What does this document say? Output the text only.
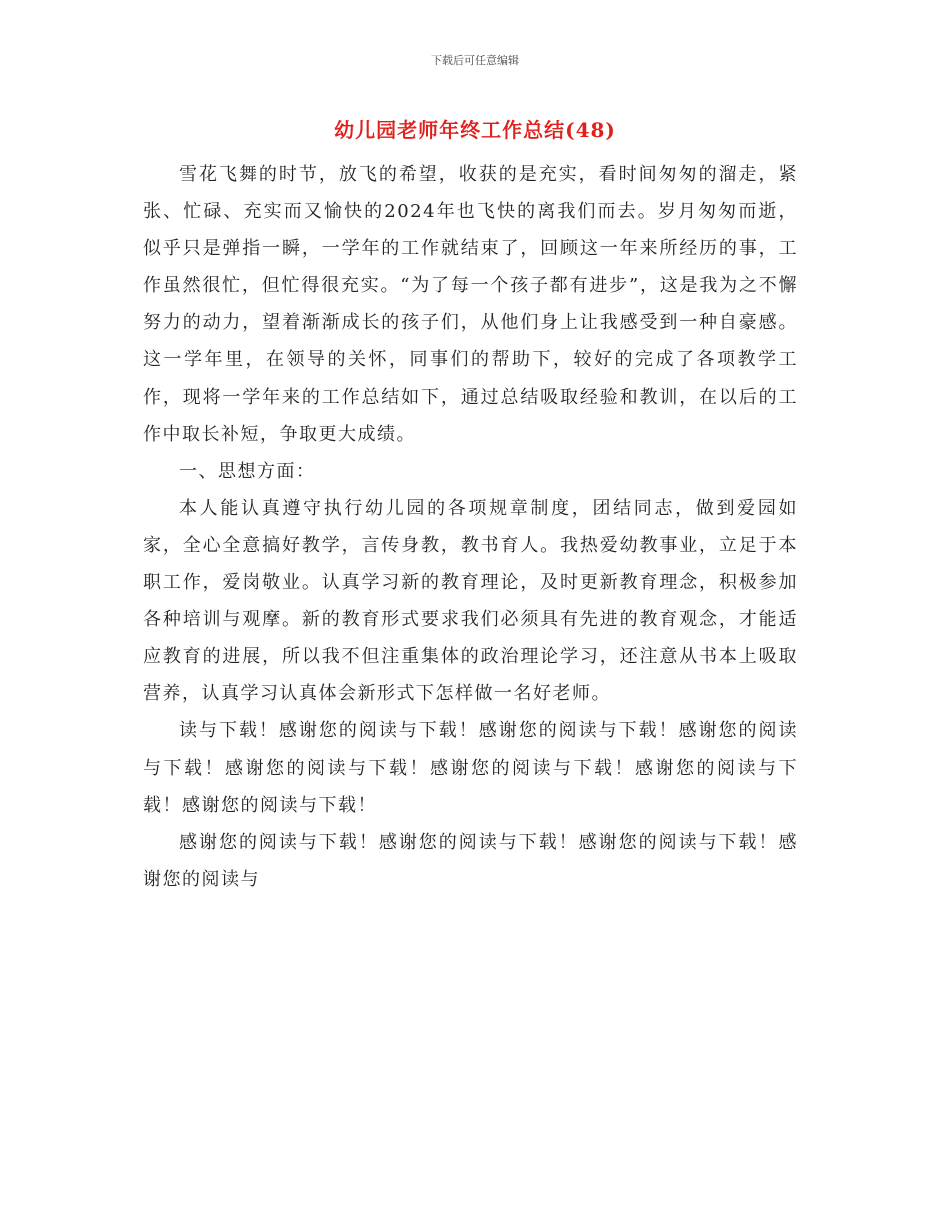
下载后可任意编辑
幼儿园老师年终工作总结(48)

雪花飞舞的时节，放飞的希望，收获的是充实，看时间匆匆的溜走，紧张、忙碌、充实而又愉快的2024年也飞快的离我们而去。岁月匆匆而逝，似乎只是弹指一瞬，一学年的工作就结束了，回顾这一年来所经历的事，工作虽然很忙，但忙得很充实。“为了每一个孩子都有进步”，这是我为之不懈努力的动力，望着渐渐成长的孩子们，从他们身上让我感受到一种自豪感。这一学年里，在领导的关怀，同事们的帮助下，较好的完成了各项教学工作，现将一学年来的工作总结如下，通过总结吸取经验和教训，在以后的工作中取长补短，争取更大成绩。

一、思想方面：

本人能认真遵守执行幼儿园的各项规章制度，团结同志，做到爱园如家，全心全意搞好教学，言传身教，教书育人。我热爱幼教事业，立足于本职工作，爱岗敬业。认真学习新的教育理论，及时更新教育理念，积极参加各种培训与观摩。新的教育形式要求我们必须具有先进的教育观念，才能适应教育的进展，所以我不但注重集体的政治理论学习，还注意从书本上吸取营养，认真学习认真体会新形式下怎样做一名好老师。

读与下载！感谢您的阅读与下载！感谢您的阅读与下载！感谢您的阅读与下载！感谢您的阅读与下载！感谢您的阅读与下载！感谢您的阅读与下载！感谢您的阅读与下载！

感谢您的阅读与下载！感谢您的阅读与下载！感谢您的阅读与下载！感谢您的阅读与
